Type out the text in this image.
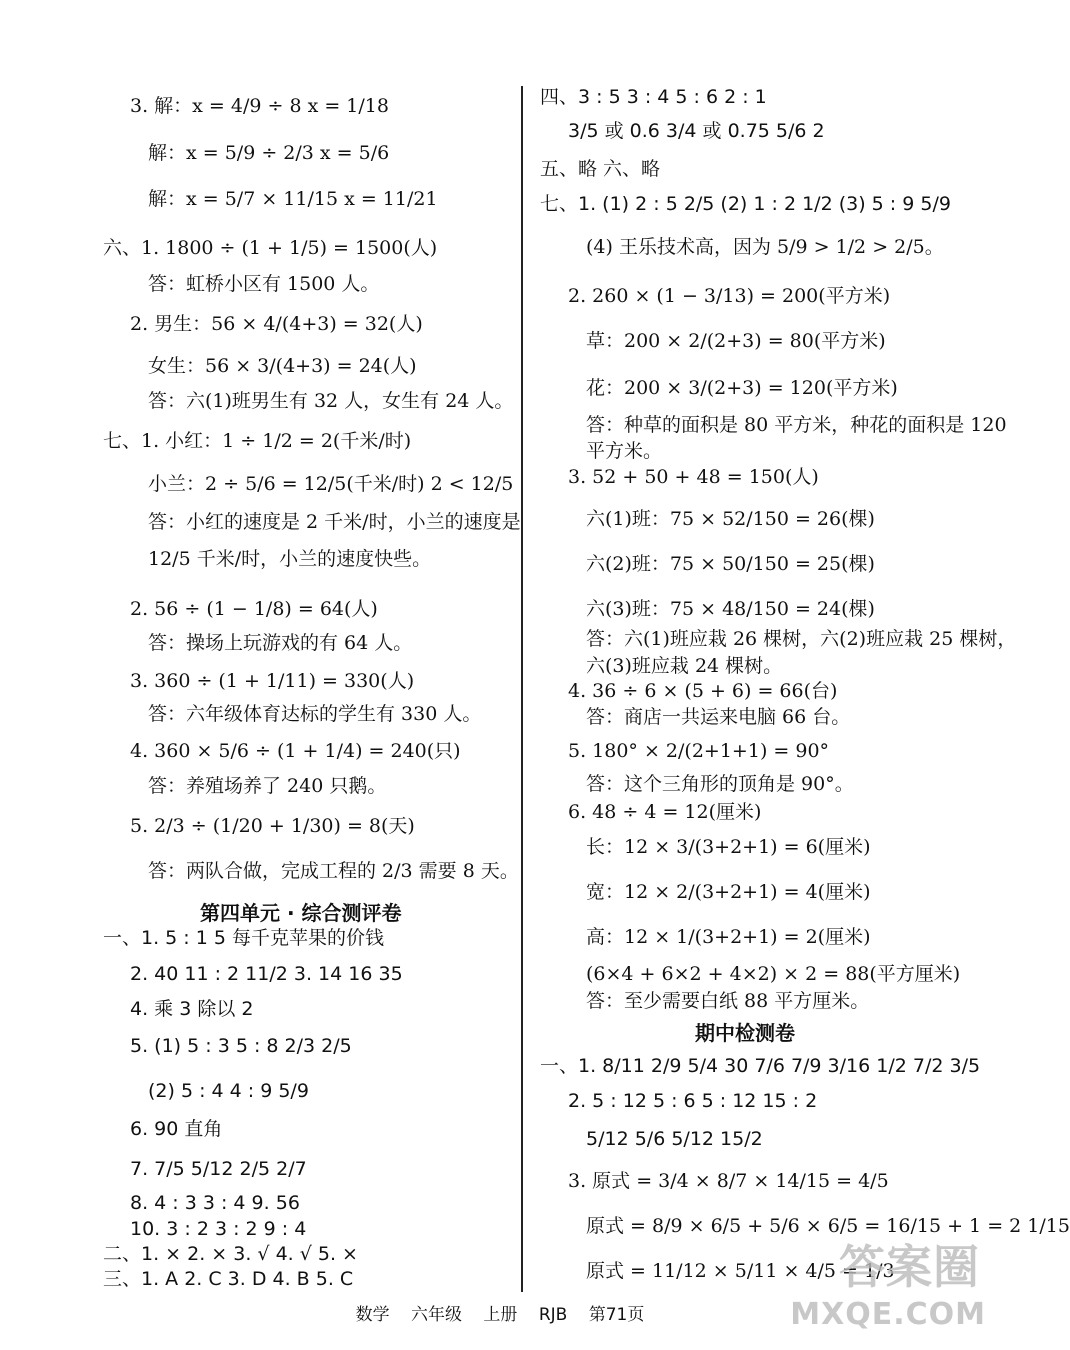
3. 解：x = 4/9 ÷ 8 x = 1/18
解：x = 5/9 ÷ 2/3 x = 5/6
解：x = 5/7 × 11/15 x = 11/21
六、1. 1800 ÷ (1 + 1/5) = 1500(人)
答：虹桥小区有 1500 人。
2. 男生：56 × 4/(4+3) = 32(人)
女生：56 × 3/(4+3) = 24(人)
答：六(1)班男生有 32 人，女生有 24 人。
七、1. 小红：1 ÷ 1/2 = 2(千米/时)
小兰：2 ÷ 5/6 = 12/5(千米/时) 2 < 12/5
答：小红的速度是 2 千米/时，小兰的速度是
12/5 千米/时，小兰的速度快些。
2. 56 ÷ (1 − 1/8) = 64(人)
答：操场上玩游戏的有 64 人。
3. 360 ÷ (1 + 1/11) = 330(人)
答：六年级体育达标的学生有 330 人。
4. 360 × 5/6 ÷ (1 + 1/4) = 240(只)
答：养殖场养了 240 只鹅。
5. 2/3 ÷ (1/20 + 1/30) = 8(天)
答：两队合做，完成工程的 2/3 需要 8 天。
第四单元 · 综合测评卷
一、1. 5 : 1 5 每千克苹果的价钱
2. 40 11 : 2 11/2 3. 14 16 35
4. 乘 3 除以 2
5. (1) 5 : 3 5 : 8 2/3 2/5
(2) 5 : 4 4 : 9 5/9
6. 90 直角
7. 7/5 5/12 2/5 2/7
8. 4 : 3 3 : 4 9. 56
10. 3 : 2 3 : 2 9 : 4
二、1. × 2. × 3. √ 4. √ 5. ×
三、1. A 2. C 3. D 4. B 5. C
四、3 : 5 3 : 4 5 : 6 2 : 1
3/5 或 0.6 3/4 或 0.75 5/6 2
五、略 六、略
七、1. (1) 2 : 5 2/5 (2) 1 : 2 1/2 (3) 5 : 9 5/9
(4) 王乐技术高，因为 5/9 > 1/2 > 2/5。
2. 260 × (1 − 3/13) = 200(平方米)
草：200 × 2/(2+3) = 80(平方米)
花：200 × 3/(2+3) = 120(平方米)
答：种草的面积是 80 平方米，种花的面积是 120
平方米。
3. 52 + 50 + 48 = 150(人)
六(1)班：75 × 52/150 = 26(棵)
六(2)班：75 × 50/150 = 25(棵)
六(3)班：75 × 48/150 = 24(棵)
答：六(1)班应栽 26 棵树，六(2)班应栽 25 棵树，
六(3)班应栽 24 棵树。
4. 36 ÷ 6 × (5 + 6) = 66(台)
答：商店一共运来电脑 66 台。
5. 180° × 2/(2+1+1) = 90°
答：这个三角形的顶角是 90°。
6. 48 ÷ 4 = 12(厘米)
长：12 × 3/(3+2+1) = 6(厘米)
宽：12 × 2/(3+2+1) = 4(厘米)
高：12 × 1/(3+2+1) = 2(厘米)
(6×4 + 6×2 + 4×2) × 2 = 88(平方厘米)
答：至少需要白纸 88 平方厘米。
期中检测卷
一、1. 8/11 2/9 5/4 30 7/6 7/9 3/16 1/2 7/2 3/5
2. 5 : 12 5 : 6 5 : 12 15 : 2
5/12 5/6 5/12 15/2
3. 原式 = 3/4 × 8/7 × 14/15 = 4/5
原式 = 8/9 × 6/5 + 5/6 × 6/5 = 16/15 + 1 = 2 1/15
原式 = 11/12 × 5/11 × 4/5 = 1/3
数学 六年级 上册 RJB 第71页
答案圈
MXQE.COM
